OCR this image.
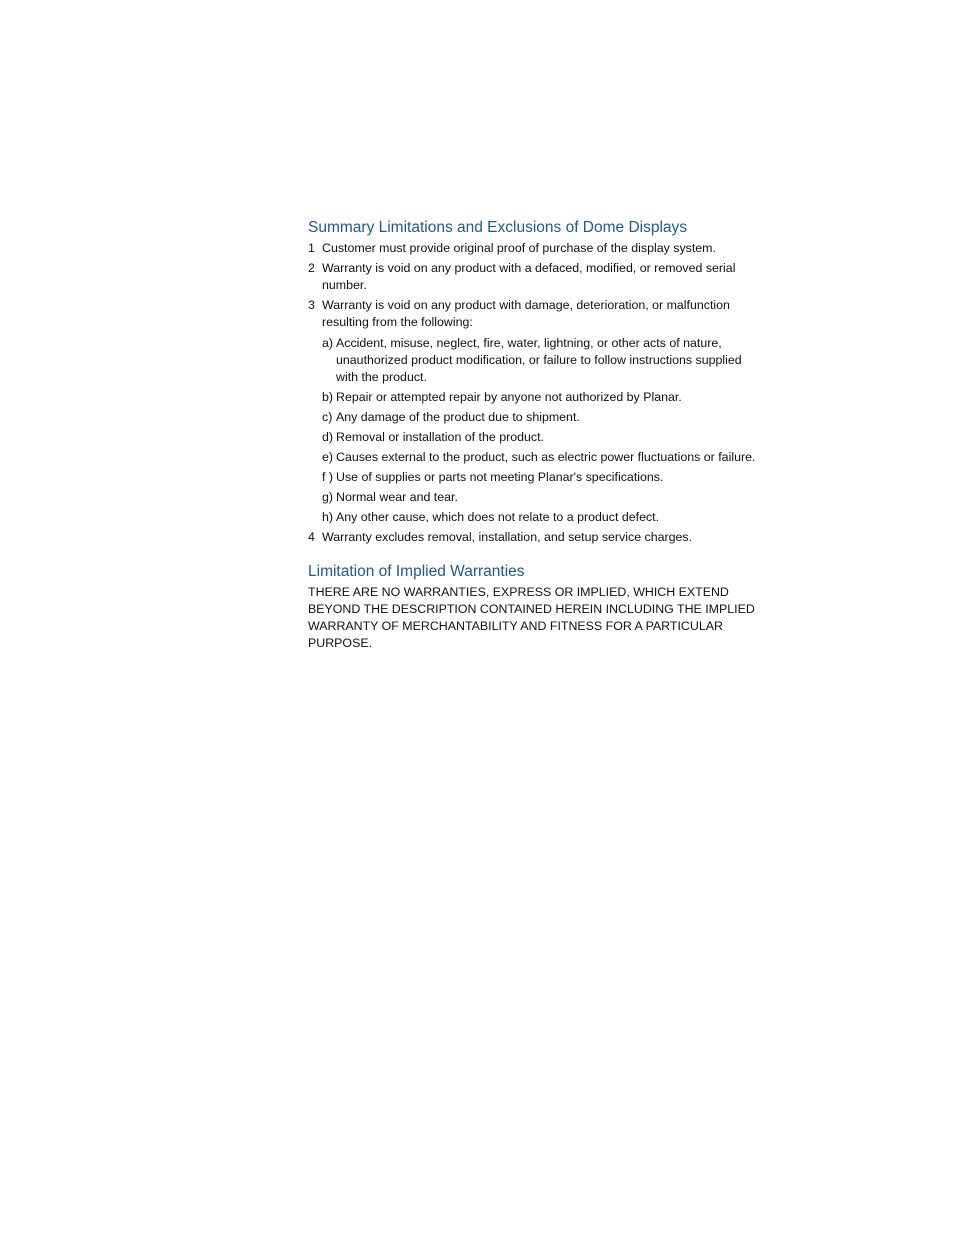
Summary Limitations and Exclusions of Dome Displays
1 Customer must provide original proof of purchase of the display system.
2 Warranty is void on any product with a defaced, modified, or removed serial number.
3 Warranty is void on any product with damage, deterioration, or malfunction resulting from the following:
a) Accident, misuse, neglect, fire, water, lightning, or other acts of nature, unauthorized product modification, or failure to follow instructions supplied with the product.
b) Repair or attempted repair by anyone not authorized by Planar.
c) Any damage of the product due to shipment.
d) Removal or installation of the product.
e) Causes external to the product, such as electric power fluctuations or failure.
f ) Use of supplies or parts not meeting Planar's specifications.
g) Normal wear and tear.
h) Any other cause, which does not relate to a product defect.
4 Warranty excludes removal, installation, and setup service charges.
Limitation of Implied Warranties

THERE ARE NO WARRANTIES, EXPRESS OR IMPLIED, WHICH EXTEND BEYOND THE DESCRIPTION CONTAINED HEREIN INCLUDING THE IMPLIED WARRANTY OF MERCHANTABILITY AND FITNESS FOR A PARTICULAR PURPOSE.
